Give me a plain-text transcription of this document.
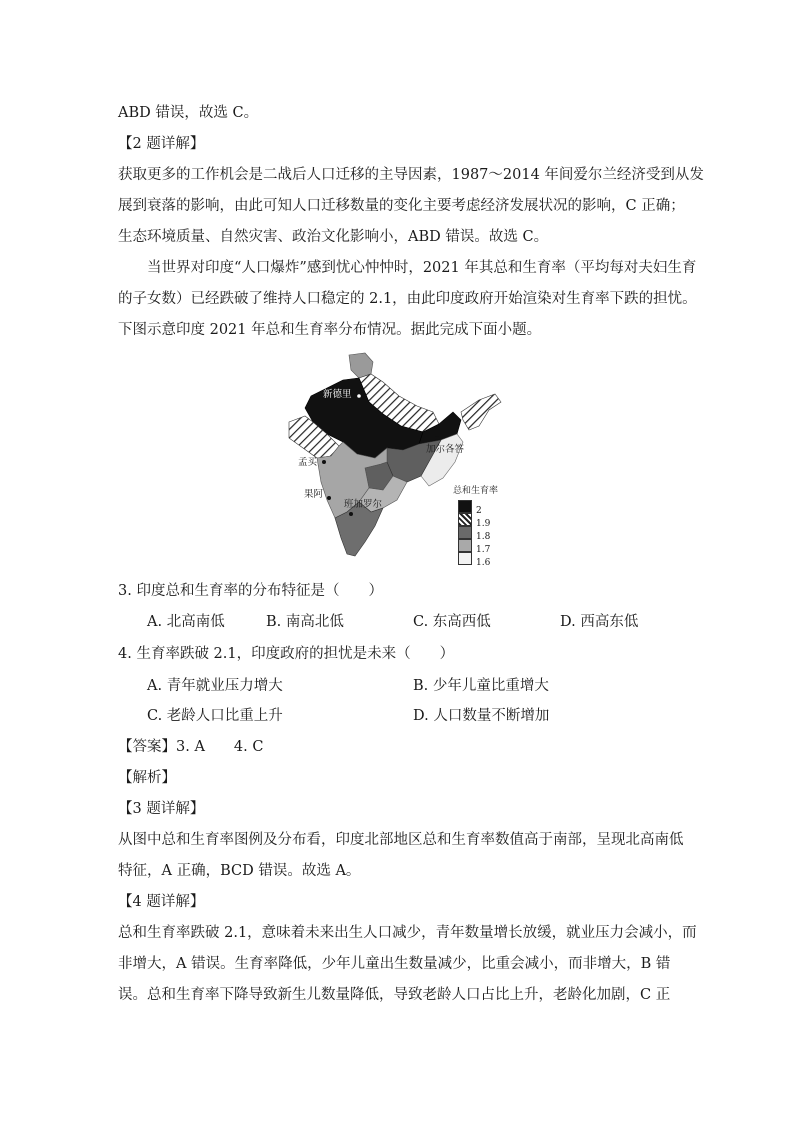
ABD 错误，故选 C。
【2 题详解】
获取更多的工作机会是二战后人口迁移的主导因素，1987～2014 年间爱尔兰经济受到从发
展到衰落的影响，由此可知人口迁移数量的变化主要考虑经济发展状况的影响，C 正确；
生态环境质量、自然灾害、政治文化影响小，ABD 错误。故选 C。
当世界对印度“人口爆炸”感到忧心忡忡时，2021 年其总和生育率（平均每对夫妇生育
的子女数）已经跌破了维持人口稳定的 2.1，由此印度政府开始渲染对生育率下跌的担忧。
下图示意印度 2021 年总和生育率分布情况。据此完成下面小题。
新德里
加尔各答
孟买
果阿
班加罗尔
总和生育率
2
1.9
1.8
1.7
1.6
3. 印度总和生育率的分布特征是（　　）
A. 北高南低	B. 南高北低	C. 东高西低	D. 西高东低
4. 生育率跌破 2.1，印度政府的担忧是未来（　　）
A. 青年就业压力增大	B. 少年儿童比重增大
C. 老龄人口比重上升	D. 人口数量不断增加
【答案】3. A　　4. C
【解析】
【3 题详解】
从图中总和生育率图例及分布看，印度北部地区总和生育率数值高于南部，呈现北高南低
特征，A 正确，BCD 错误。故选 A。
【4 题详解】
总和生育率跌破 2.1，意味着未来出生人口减少，青年数量增长放缓，就业压力会减小，而
非增大，A 错误。生育率降低，少年儿童出生数量减少，比重会减小，而非增大，B 错
误。总和生育率下降导致新生儿数量降低，导致老龄人口占比上升，老龄化加剧，C 正
